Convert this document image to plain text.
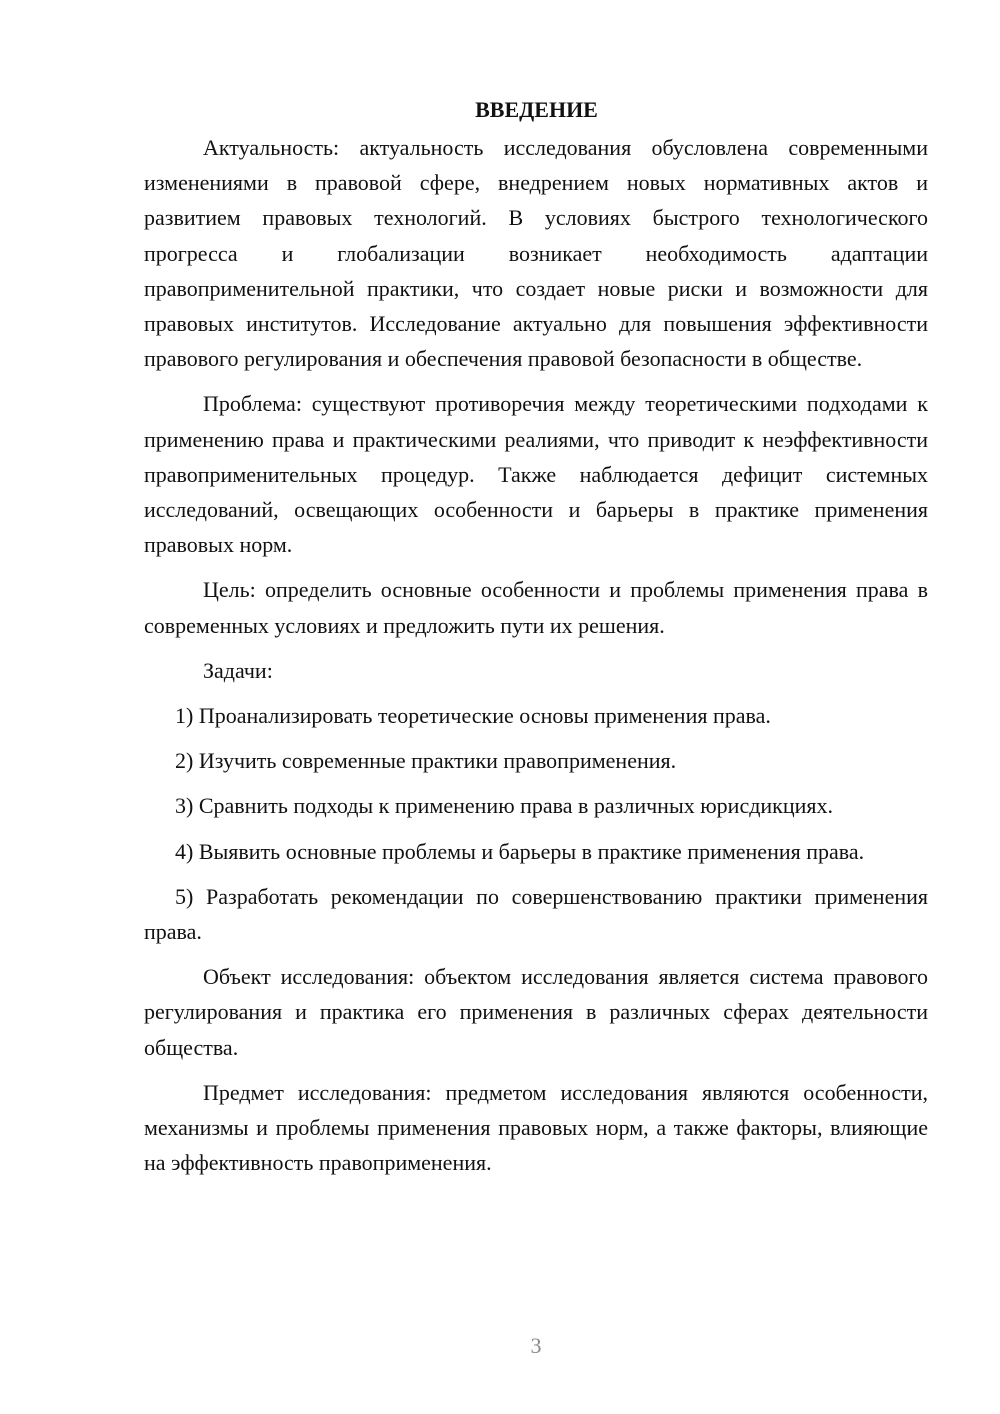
ВВЕДЕНИЕ

Актуальность: актуальность исследования обусловлена современными изменениями в правовой сфере, внедрением новых нормативных актов и развитием правовых технологий. В условиях быстрого технологического прогресса и глобализации возникает необходимость адаптации правоприменительной практики, что создает новые риски и возможности для правовых институтов. Исследование актуально для повышения эффективности правового регулирования и обеспечения правовой безопасности в обществе.

Проблема: существуют противоречия между теоретическими подходами к применению права и практическими реалиями, что приводит к неэффективности правоприменительных процедур. Также наблюдается дефицит системных исследований, освещающих особенности и барьеры в практике применения правовых норм.

Цель: определить основные особенности и проблемы применения права в современных условиях и предложить пути их решения.

Задачи:

1) Проанализировать теоретические основы применения права.

2) Изучить современные практики правоприменения.

3) Сравнить подходы к применению права в различных юрисдикциях.

4) Выявить основные проблемы и барьеры в практике применения права.

5) Разработать рекомендации по совершенствованию практики применения права.

Объект исследования: объектом исследования является система правового регулирования и практика его применения в различных сферах деятельности общества.

Предмет исследования: предметом исследования являются особенности, механизмы и проблемы применения правовых норм, а также факторы, влияющие на эффективность правоприменения.

3
